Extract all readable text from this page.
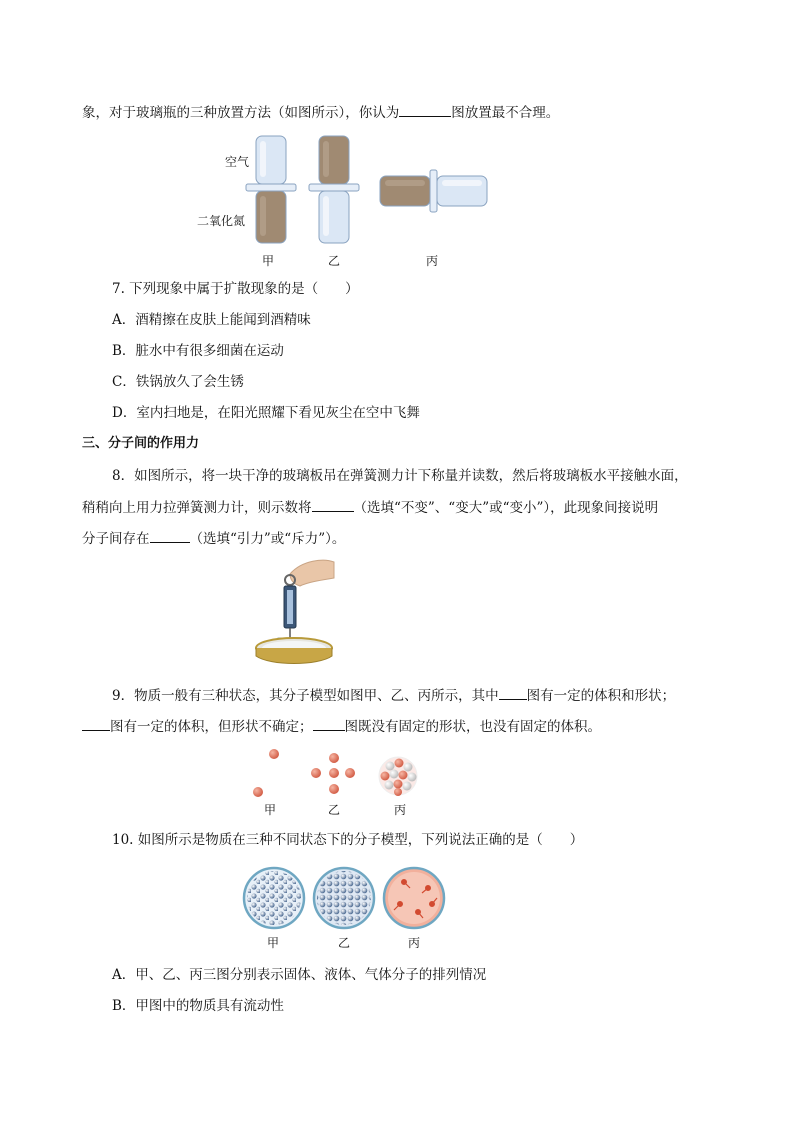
象，对于玻璃瓶的三种放置方法（如图所示），你认为	图放置最不合理。
空气
二氧化氮
甲	乙	丙
7. 下列现象中属于扩散现象的是（　　）
A．酒精擦在皮肤上能闻到酒精味
B．脏水中有很多细菌在运动
C．铁锅放久了会生锈
D．室内扫地是，在阳光照耀下看见灰尘在空中飞舞
三、分子间的作用力
8．如图所示，将一块干净的玻璃板吊在弹簧测力计下称量并读数，然后将玻璃板水平接触水面，
稍稍向上用力拉弹簧测力计，则示数将	（选填“不变”、“变大”或“变小”），此现象间接说明
分子间存在	（选填“引力”或“斥力”）。
9．物质一般有三种状态，其分子模型如图甲、乙、丙所示，其中 图有一定的体积和形状；
图有一定的体积，但形状不确定； 图既没有固定的形状，也没有固定的体积。
甲	乙	丙
10. 如图所示是物质在三种不同状态下的分子模型，下列说法正确的是（　　）
甲	乙	丙
A．甲、乙、丙三图分别表示固体、液体、气体分子的排列情况
B．甲图中的物质具有流动性
